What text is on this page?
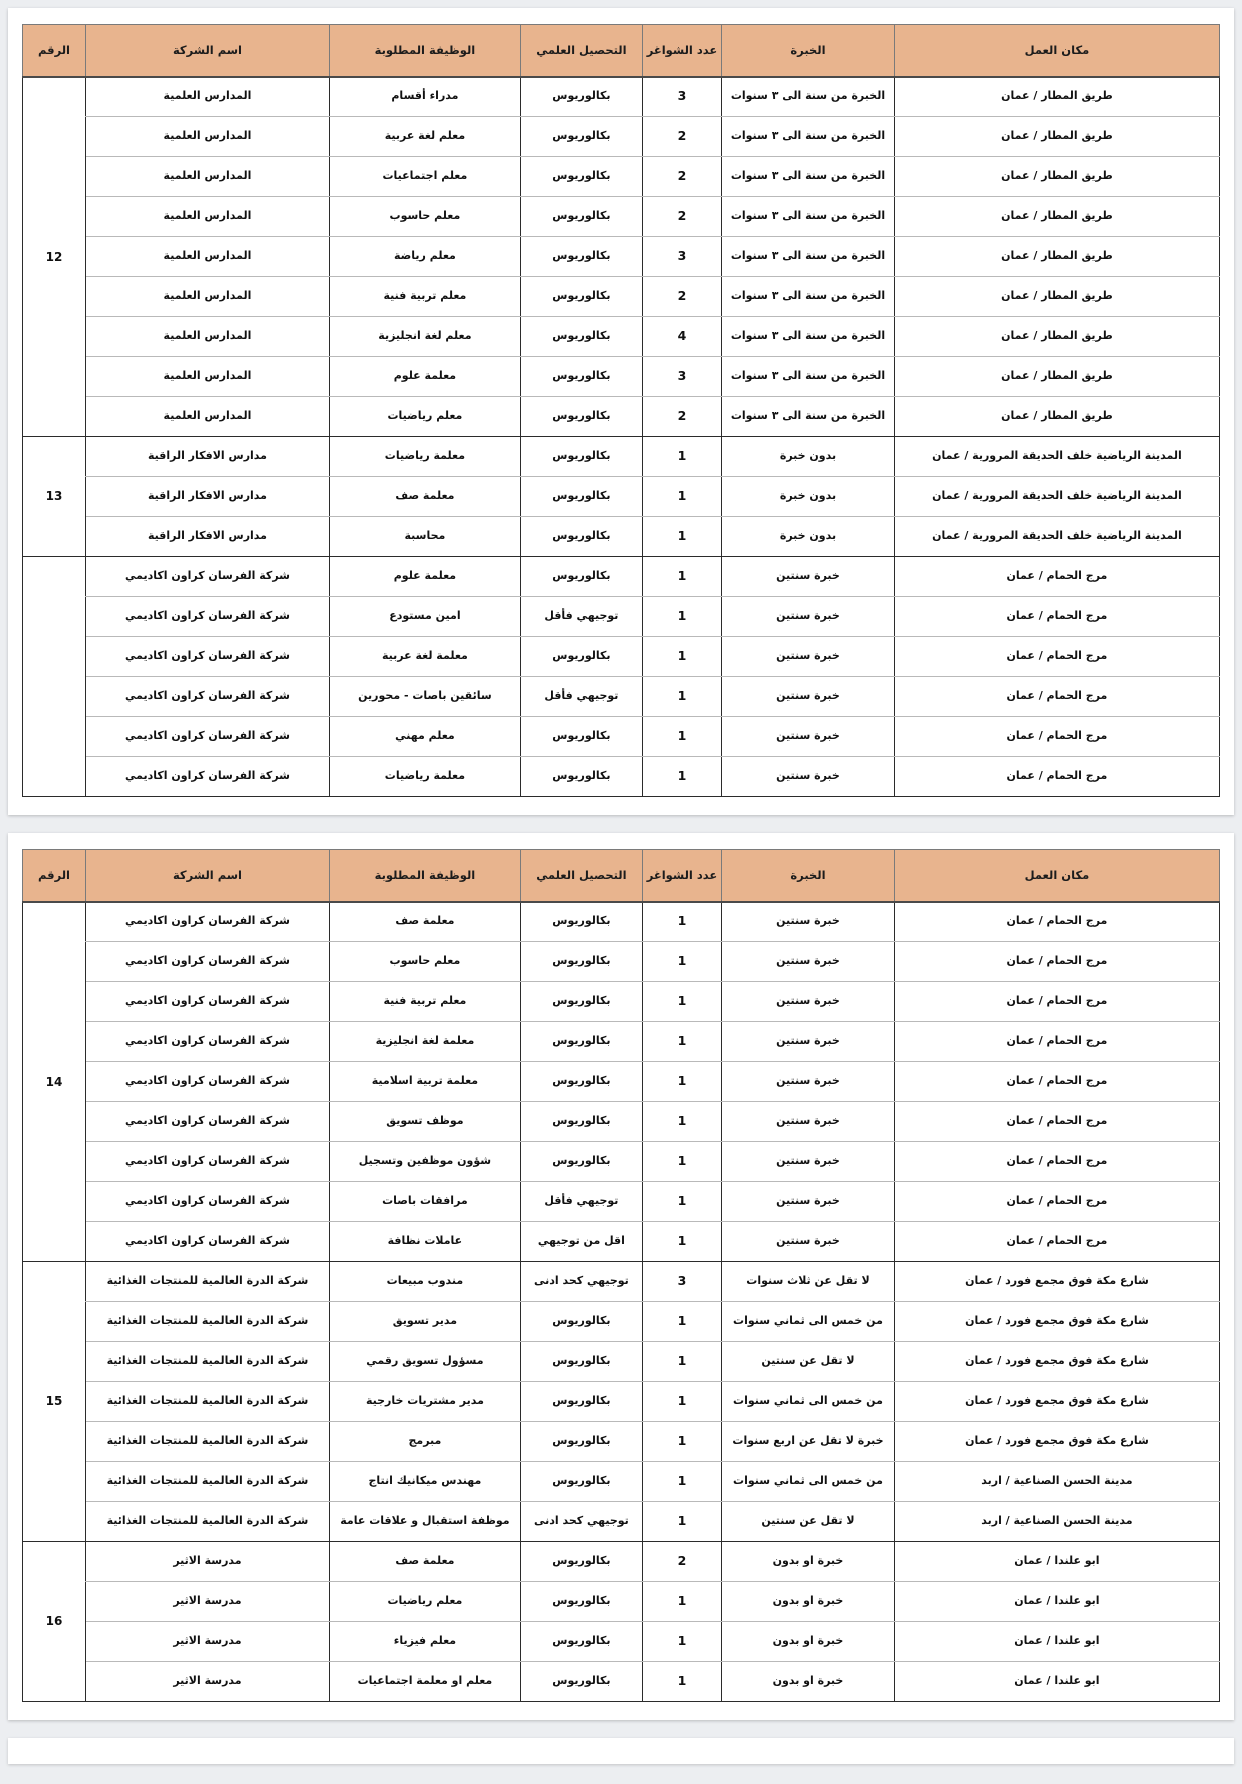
مكان العمل	الخبرة	عدد الشواغر	التحصيل العلمي	الوظيفة المطلوبة	اسم الشركة	الرقم
طريق المطار / عمان	الخبرة من سنة الى ٣ سنوات	3	بكالوريوس	مدراء أقسام	المدارس العلمية	12
طريق المطار / عمان	الخبرة من سنة الى ٣ سنوات	2	بكالوريوس	معلم لغة عربية	المدارس العلمية	
طريق المطار / عمان	الخبرة من سنة الى ٣ سنوات	2	بكالوريوس	معلم اجتماعيات	المدارس العلمية	
طريق المطار / عمان	الخبرة من سنة الى ٣ سنوات	2	بكالوريوس	معلم حاسوب	المدارس العلمية	
طريق المطار / عمان	الخبرة من سنة الى ٣ سنوات	3	بكالوريوس	معلم رياضة	المدارس العلمية	
طريق المطار / عمان	الخبرة من سنة الى ٣ سنوات	2	بكالوريوس	معلم تربية فنية	المدارس العلمية	
طريق المطار / عمان	الخبرة من سنة الى ٣ سنوات	4	بكالوريوس	معلم لغة انجليزية	المدارس العلمية	
طريق المطار / عمان	الخبرة من سنة الى ٣ سنوات	3	بكالوريوس	معلمة علوم	المدارس العلمية	
طريق المطار / عمان	الخبرة من سنة الى ٣ سنوات	2	بكالوريوس	معلم رياضيات	المدارس العلمية	
المدينة الرياضية خلف الحديقة المرورية / عمان	بدون خبرة	1	بكالوريوس	معلمة رياضيات	مدارس الافكار الراقية	13
المدينة الرياضية خلف الحديقة المرورية / عمان	بدون خبرة	1	بكالوريوس	معلمة صف	مدارس الافكار الراقية	
المدينة الرياضية خلف الحديقة المرورية / عمان	بدون خبرة	1	بكالوريوس	محاسبة	مدارس الافكار الراقية	
مرج الحمام / عمان	خبرة سنتين	1	بكالوريوس	معلمة علوم	شركة الفرسان كراون اكاديمي	
مرج الحمام / عمان	خبرة سنتين	1	توجيهي فأقل	امين مستودع	شركة الفرسان كراون اكاديمي	
مرج الحمام / عمان	خبرة سنتين	1	بكالوريوس	معلمة لغة عربية	شركة الفرسان كراون اكاديمي	
مرج الحمام / عمان	خبرة سنتين	1	توجيهي فأقل	سائقين باصات - محورين	شركة الفرسان كراون اكاديمي	
مرج الحمام / عمان	خبرة سنتين	1	بكالوريوس	معلم مهني	شركة الفرسان كراون اكاديمي	
مرج الحمام / عمان	خبرة سنتين	1	بكالوريوس	معلمة رياضيات	شركة الفرسان كراون اكاديمي	
مكان العمل	الخبرة	عدد الشواغر	التحصيل العلمي	الوظيفة المطلوبة	اسم الشركة	الرقم
مرج الحمام / عمان	خبرة سنتين	1	بكالوريوس	معلمة صف	شركة الفرسان كراون اكاديمي	14
مرج الحمام / عمان	خبرة سنتين	1	بكالوريوس	معلم حاسوب	شركة الفرسان كراون اكاديمي	
مرج الحمام / عمان	خبرة سنتين	1	بكالوريوس	معلم تربية فنية	شركة الفرسان كراون اكاديمي	
مرج الحمام / عمان	خبرة سنتين	1	بكالوريوس	معلمة لغة انجليزية	شركة الفرسان كراون اكاديمي	
مرج الحمام / عمان	خبرة سنتين	1	بكالوريوس	معلمة تربية اسلامية	شركة الفرسان كراون اكاديمي	
مرج الحمام / عمان	خبرة سنتين	1	بكالوريوس	موظف تسويق	شركة الفرسان كراون اكاديمي	
مرج الحمام / عمان	خبرة سنتين	1	بكالوريوس	شؤون موظفين وتسجيل	شركة الفرسان كراون اكاديمي	
مرج الحمام / عمان	خبرة سنتين	1	توجيهي فأقل	مرافقات باصات	شركة الفرسان كراون اكاديمي	
مرج الحمام / عمان	خبرة سنتين	1	اقل من توجيهي	عاملات نظافة	شركة الفرسان كراون اكاديمي	
شارع مكة فوق مجمع فورد / عمان	لا تقل عن ثلاث سنوات	3	توجيهي كحد ادنى	مندوب مبيعات	شركة الدرة العالمية للمنتجات الغذائية	15
شارع مكة فوق مجمع فورد / عمان	من خمس الى ثماني سنوات	1	بكالوريوس	مدير تسويق	شركة الدرة العالمية للمنتجات الغذائية	
شارع مكة فوق مجمع فورد / عمان	لا تقل عن سنتين	1	بكالوريوس	مسؤول تسويق رقمي	شركة الدرة العالمية للمنتجات الغذائية	
شارع مكة فوق مجمع فورد / عمان	من خمس الى ثماني سنوات	1	بكالوريوس	مدير مشتريات خارجية	شركة الدرة العالمية للمنتجات الغذائية	
شارع مكة فوق مجمع فورد / عمان	خبرة لا تقل عن اربع سنوات	1	بكالوريوس	مبرمج	شركة الدرة العالمية للمنتجات الغذائية	
مدينة الحسن الصناعية / اربد	من خمس الى ثماني سنوات	1	بكالوريوس	مهندس ميكانيك انتاج	شركة الدرة العالمية للمنتجات الغذائية	
مدينة الحسن الصناعية / اربد	لا تقل عن سنتين	1	توجيهي كحد ادنى	موظفة استقبال و علاقات عامة	شركة الدرة العالمية للمنتجات الغذائية	
ابو علندا / عمان	خبرة او بدون	2	بكالوريوس	معلمة صف	مدرسة الاثير	16
ابو علندا / عمان	خبرة او بدون	1	بكالوريوس	معلم رياضيات	مدرسة الاثير	
ابو علندا / عمان	خبرة او بدون	1	بكالوريوس	معلم فيزياء	مدرسة الاثير	
ابو علندا / عمان	خبرة او بدون	1	بكالوريوس	معلم او معلمة اجتماعيات	مدرسة الاثير	
